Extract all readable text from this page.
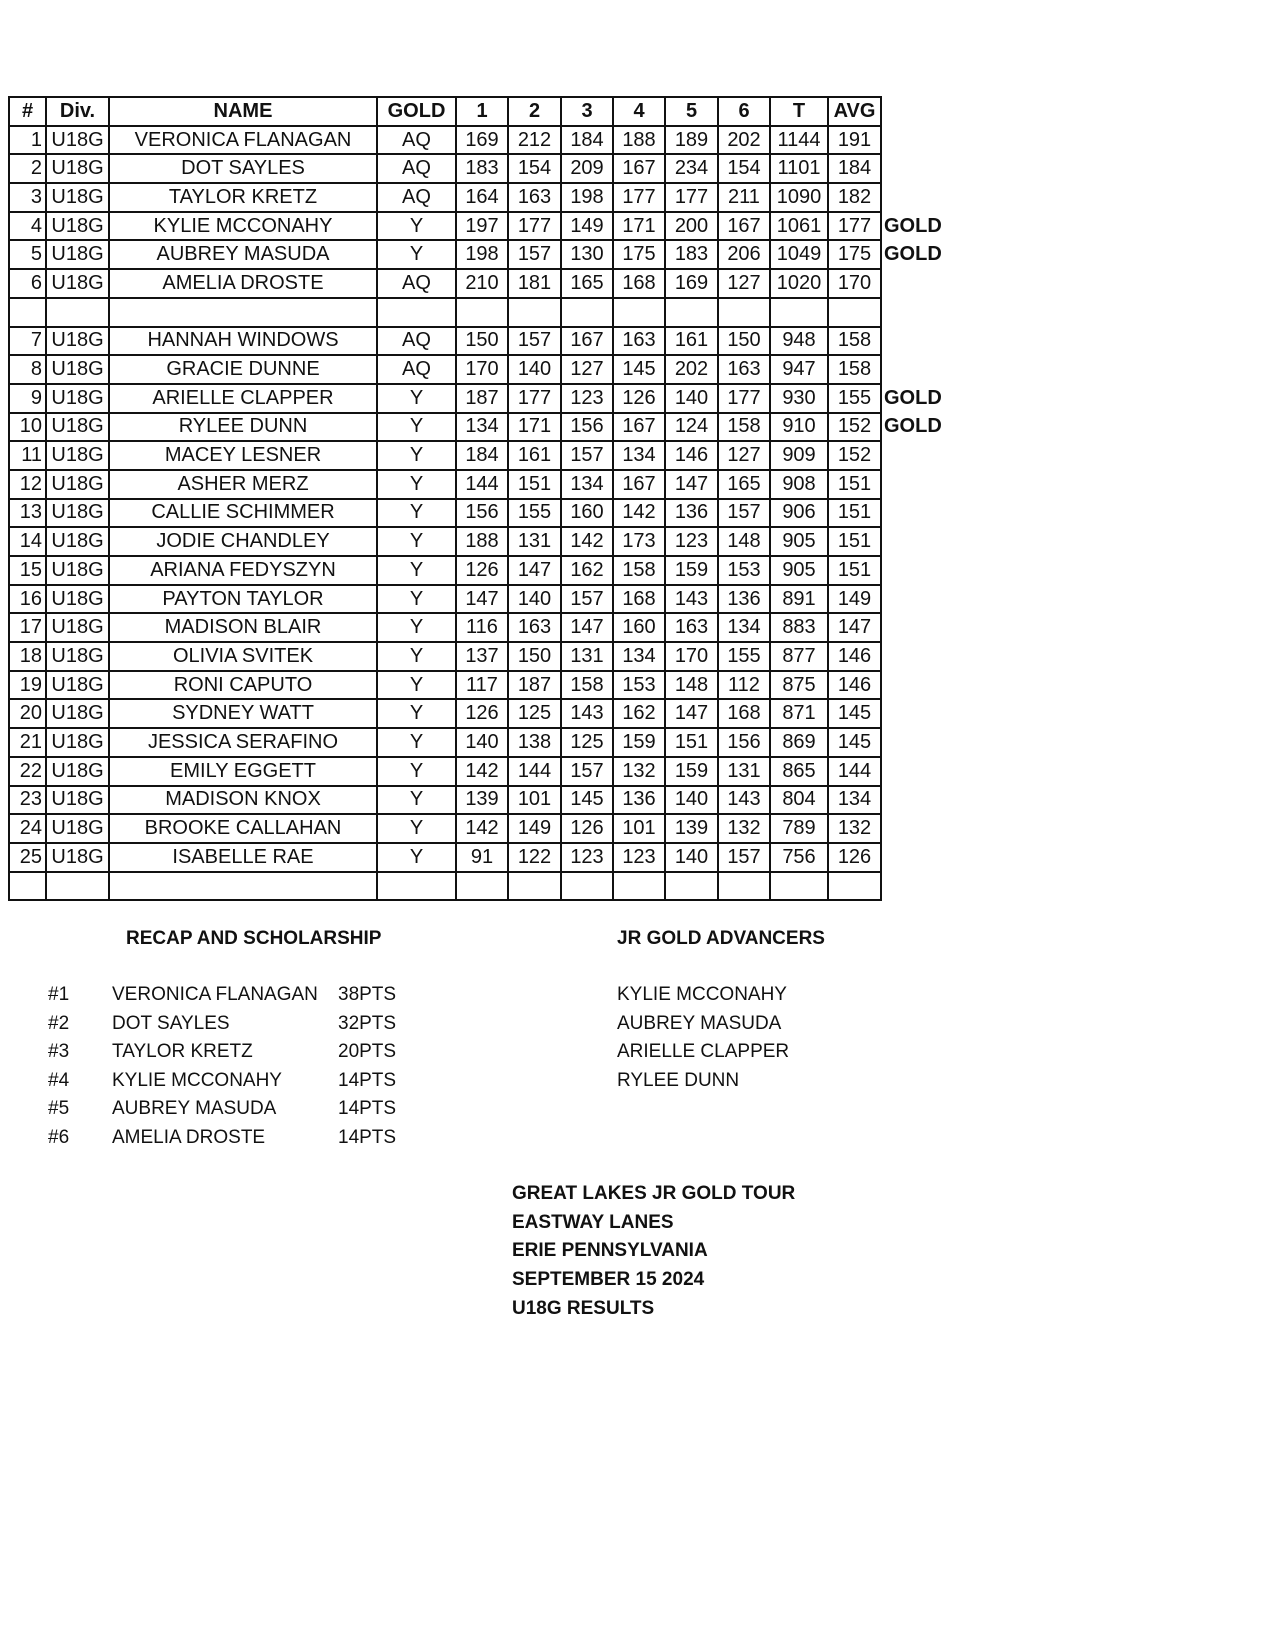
#	Div.	NAME	GOLD	1	2	3	4	5	6	T	AVG	
1	U18G	VERONICA FLANAGAN	AQ	169	212	184	188	189	202	1144	191	
2	U18G	DOT SAYLES	AQ	183	154	209	167	234	154	1101	184	
3	U18G	TAYLOR KRETZ	AQ	164	163	198	177	177	211	1090	182	
4	U18G	KYLIE MCCONAHY	Y	197	177	149	171	200	167	1061	177	GOLD
5	U18G	AUBREY MASUDA	Y	198	157	130	175	183	206	1049	175	GOLD
6	U18G	AMELIA DROSTE	AQ	210	181	165	168	169	127	1020	170	

7	U18G	HANNAH WINDOWS	AQ	150	157	167	163	161	150	948	158	
8	U18G	GRACIE DUNNE	AQ	170	140	127	145	202	163	947	158	
9	U18G	ARIELLE CLAPPER	Y	187	177	123	126	140	177	930	155	GOLD
10	U18G	RYLEE DUNN	Y	134	171	156	167	124	158	910	152	GOLD
11	U18G	MACEY LESNER	Y	184	161	157	134	146	127	909	152	
12	U18G	ASHER MERZ	Y	144	151	134	167	147	165	908	151	
13	U18G	CALLIE SCHIMMER	Y	156	155	160	142	136	157	906	151	
14	U18G	JODIE CHANDLEY	Y	188	131	142	173	123	148	905	151	
15	U18G	ARIANA FEDYSZYN	Y	126	147	162	158	159	153	905	151	
16	U18G	PAYTON TAYLOR	Y	147	140	157	168	143	136	891	149	
17	U18G	MADISON BLAIR	Y	116	163	147	160	163	134	883	147	
18	U18G	OLIVIA SVITEK	Y	137	150	131	134	170	155	877	146	
19	U18G	RONI CAPUTO	Y	117	187	158	153	148	112	875	146	
20	U18G	SYDNEY WATT	Y	126	125	143	162	147	168	871	145	
21	U18G	JESSICA SERAFINO	Y	140	138	125	159	151	156	869	145	
22	U18G	EMILY EGGETT	Y	142	144	157	132	159	131	865	144	
23	U18G	MADISON KNOX	Y	139	101	145	136	140	143	804	134	
24	U18G	BROOKE CALLAHAN	Y	142	149	126	101	139	132	789	132	
25	U18G	ISABELLE RAE	Y	91	122	123	123	140	157	756	126	

RECAP AND SCHOLARSHIP
#1 VERONICA FLANAGAN 38PTS
#2 DOT SAYLES	32PTS
#3 TAYLOR KRETZ	20PTS
#4 KYLIE MCCONAHY	14PTS
#5 AUBREY MASUDA	14PTS
#6 AMELIA DROSTE	14PTS
JR GOLD ADVANCERS
KYLIE MCCONAHY
AUBREY MASUDA
ARIELLE CLAPPER
RYLEE DUNN
GREAT LAKES JR GOLD TOUR
EASTWAY LANES
ERIE PENNSYLVANIA
SEPTEMBER 15 2024
U18G RESULTS
